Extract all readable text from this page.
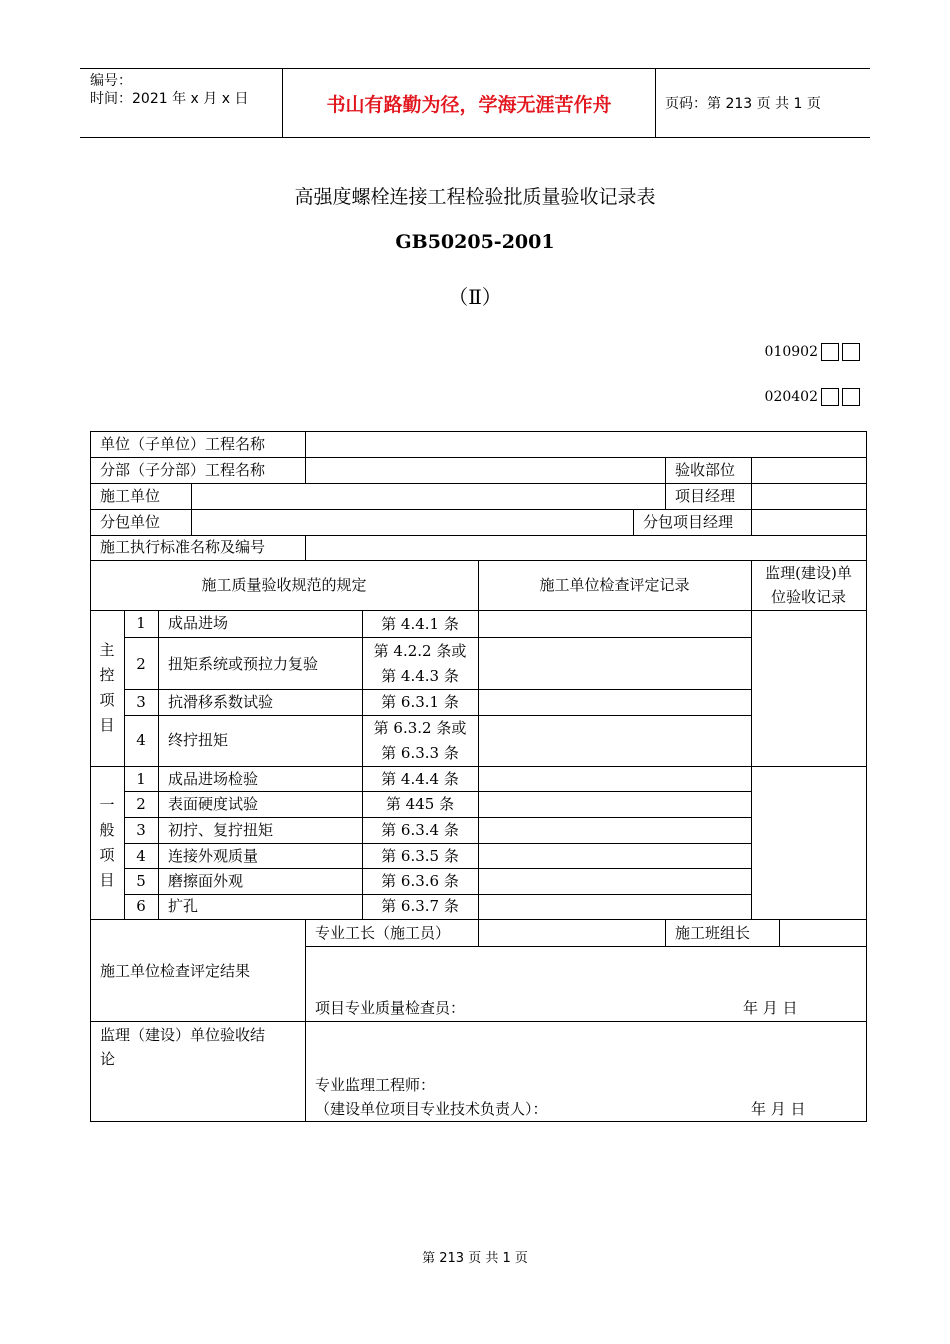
编号：
时间：2021 年 x 月 x 日	书山有路勤为径，学海无涯苦作舟	页码：第 213 页 共 1 页
高强度螺栓连接工程检验批质量验收记录表
GB50205-2001
（Ⅱ）
010902
020402
单位（子单位）工程名称
分部（子分部）工程名称	验收部位
施工单位	项目经理
分包单位	分包项目经理
施工执行标准名称及编号
施工质量验收规范的规定	施工单位检查评定记录
监理(建设)单
位验收记录
主
控
项
目
1	成品进场	第 4.4.1 条
2	扭矩系统或预拉力复验
第 4.2.2 条或
第 4.4.3 条
3	抗滑移系数试验	第 6.3.1 条
4	终拧扭矩
第 6.3.2 条或
第 6.3.3 条
一
般
项
目
1	成品进场检验	第 4.4.4 条
2	表面硬度试验	第 445 条
3	初拧、复拧扭矩	第 6.3.4 条
4	连接外观质量	第 6.3.5 条
5	磨擦面外观	第 6.3.6 条
6	扩孔	第 6.3.7 条
专业工长（施工员）	施工班组长
施工单位检查评定结果
项目专业质量检查员：	年 月 日
监理（建设）单位验收结
论
专业监理工程师：
（建设单位项目专业技术负责人）：	年 月 日
第 213 页 共 1 页
